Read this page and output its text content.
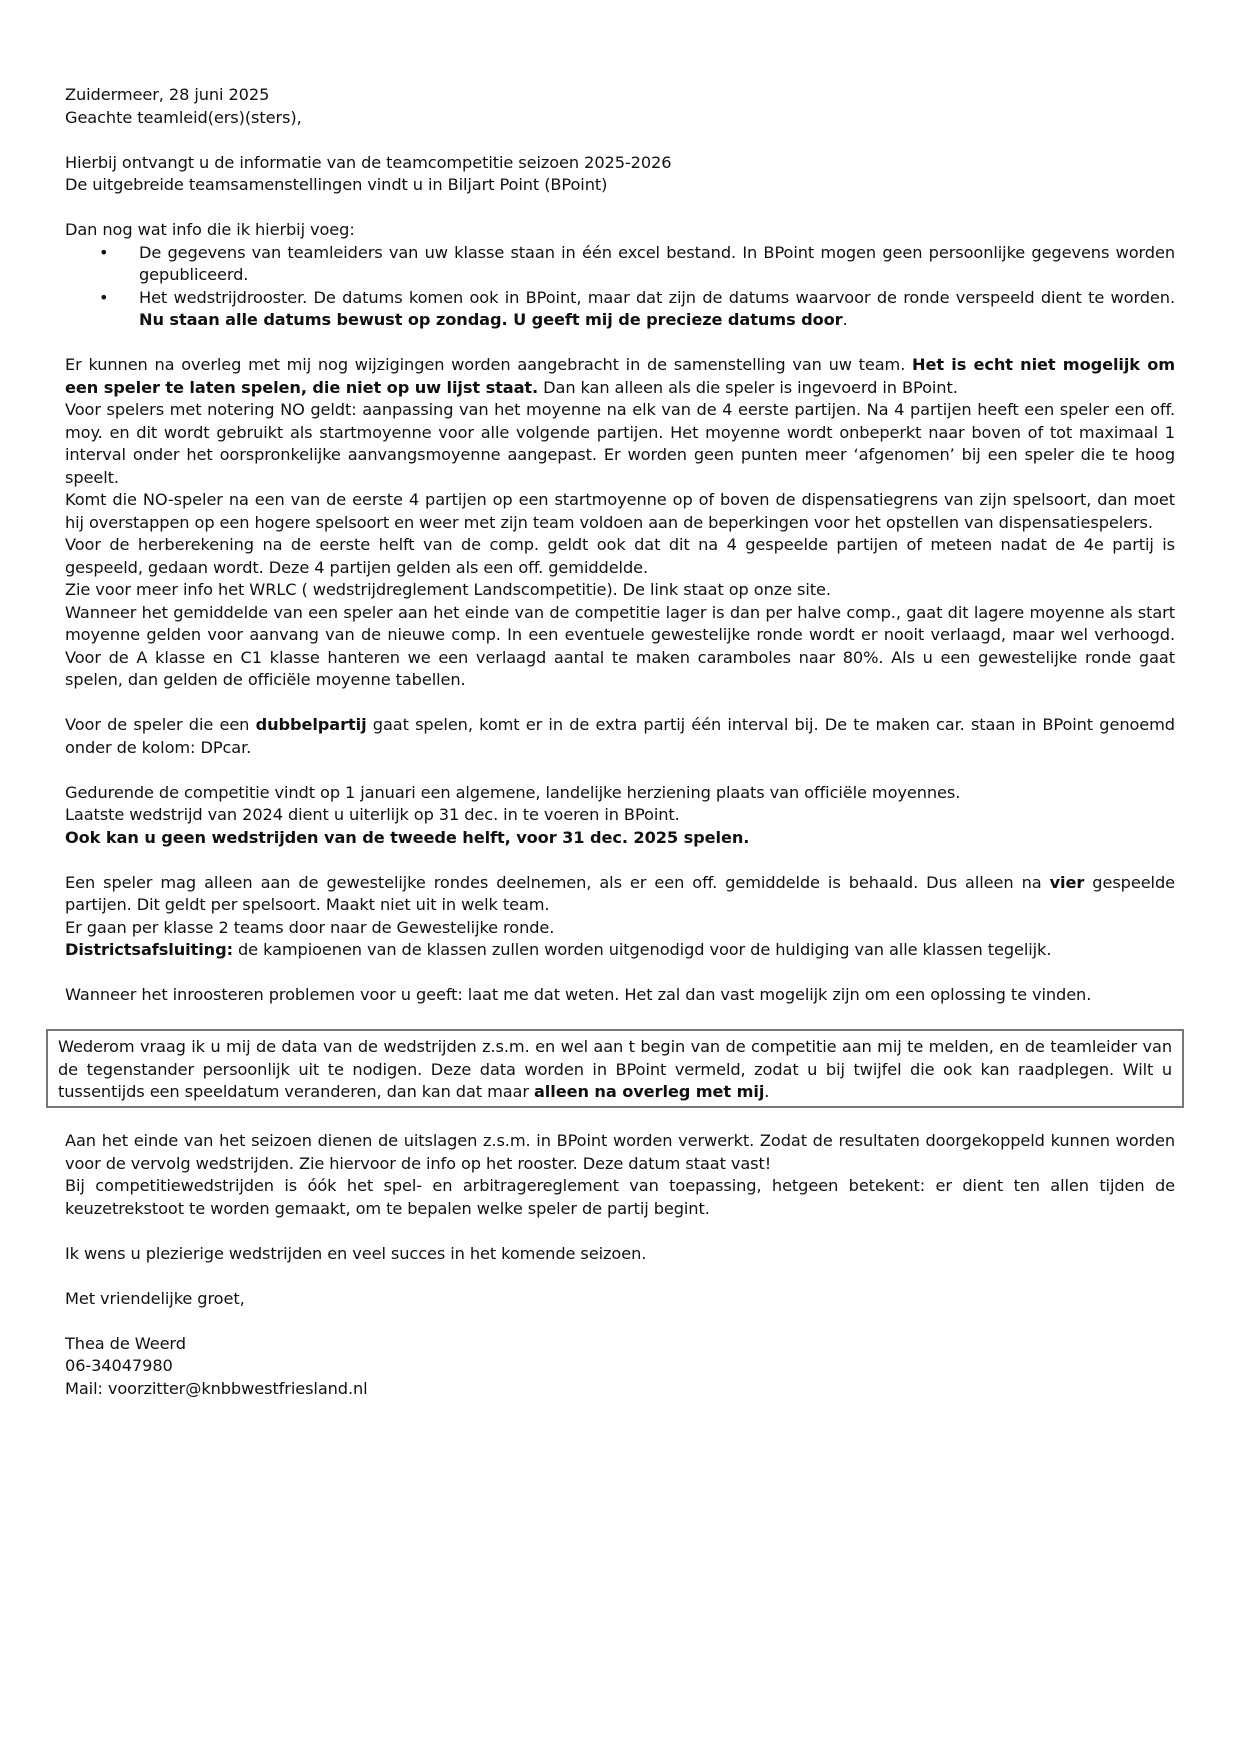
Zuidermeer, 28 juni 2025
Geachte teamleid(ers)(sters),
Hierbij ontvangt u de informatie van de teamcompetitie seizoen 2025-2026
De uitgebreide teamsamenstellingen vindt u in Biljart Point (BPoint)
Dan nog wat info die ik hierbij voeg:
• De gegevens van teamleiders van uw klasse staan in één excel bestand. In BPoint mogen geen persoonlijke gegevens worden gepubliceerd.
• Het wedstrijdrooster. De datums komen ook in BPoint, maar dat zijn de datums waarvoor de ronde verspeeld dient te worden. Nu staan alle datums bewust op zondag. U geeft mij de precieze datums door.

Er kunnen na overleg met mij nog wijzigingen worden aangebracht in de samenstelling van uw team. Het is echt niet mogelijk om een speler te laten spelen, die niet op uw lijst staat. Dan kan alleen als die speler is ingevoerd in BPoint.

Voor spelers met notering NO geldt: aanpassing van het moyenne na elk van de 4 eerste partijen. Na 4 partijen heeft een speler een off. moy. en dit wordt gebruikt als startmoyenne voor alle volgende partijen. Het moyenne wordt onbeperkt naar boven of tot maximaal 1 interval onder het oorspronkelijke aanvangsmoyenne aangepast. Er worden geen punten meer ‘afgenomen’ bij een speler die te hoog speelt.

Komt die NO-speler na een van de eerste 4 partijen op een startmoyenne op of boven de dispensatiegrens van zijn spelsoort, dan moet hij overstappen op een hogere spelsoort en weer met zijn team voldoen aan de beperkingen voor het opstellen van dispensatiespelers.

Voor de herberekening na de eerste helft van de comp. geldt ook dat dit na 4 gespeelde partijen of meteen nadat de 4e partij is gespeeld, gedaan wordt. Deze 4 partijen gelden als een off. gemiddelde.

Zie voor meer info het WRLC ( wedstrijdreglement Landscompetitie). De link staat op onze site.

Wanneer het gemiddelde van een speler aan het einde van de competitie lager is dan per halve comp., gaat dit lagere moyenne als start moyenne gelden voor aanvang van de nieuwe comp. In een eventuele gewestelijke ronde wordt er nooit verlaagd, maar wel verhoogd. Voor de A klasse en C1 klasse hanteren we een verlaagd aantal te maken caramboles naar 80%. Als u een gewestelijke ronde gaat spelen, dan gelden de officiële moyenne tabellen.

Voor de speler die een dubbelpartij gaat spelen, komt er in de extra partij één interval bij. De te maken car. staan in BPoint genoemd onder de kolom: DPcar.

Gedurende de competitie vindt op 1 januari een algemene, landelijke herziening plaats van officiële moyennes.

Laatste wedstrijd van 2024 dient u uiterlijk op 31 dec. in te voeren in BPoint.

Ook kan u geen wedstrijden van de tweede helft, voor 31 dec. 2025 spelen.

Een speler mag alleen aan de gewestelijke rondes deelnemen, als er een off. gemiddelde is behaald. Dus alleen na vier gespeelde partijen. Dit geldt per spelsoort. Maakt niet uit in welk team.

Er gaan per klasse 2 teams door naar de Gewestelijke ronde.

Districtsafsluiting: de kampioenen van de klassen zullen worden uitgenodigd voor de huldiging van alle klassen tegelijk.

Wanneer het inroosteren problemen voor u geeft: laat me dat weten. Het zal dan vast mogelijk zijn om een oplossing te vinden.

Wederom vraag ik u mij de data van de wedstrijden z.s.m. en wel aan t begin van de competitie aan mij te melden, en de teamleider van de tegenstander persoonlijk uit te nodigen. Deze data worden in BPoint vermeld, zodat u bij twijfel die ook kan raadplegen. Wilt u tussentijds een speeldatum veranderen, dan kan dat maar alleen na overleg met mij.

Aan het einde van het seizoen dienen de uitslagen z.s.m. in BPoint worden verwerkt. Zodat de resultaten doorgekoppeld kunnen worden voor de vervolg wedstrijden. Zie hiervoor de info op het rooster. Deze datum staat vast!

Bij competitiewedstrijden is óók het spel- en arbitragereglement van toepassing, hetgeen betekent: er dient ten allen tijden de keuzetrekstoot te worden gemaakt, om te bepalen welke speler de partij begint.

Ik wens u plezierige wedstrijden en veel succes in het komende seizoen.

Met vriendelijke groet,

Thea de Weerd
06-34047980
Mail: voorzitter@knbbwestfriesland.nl
